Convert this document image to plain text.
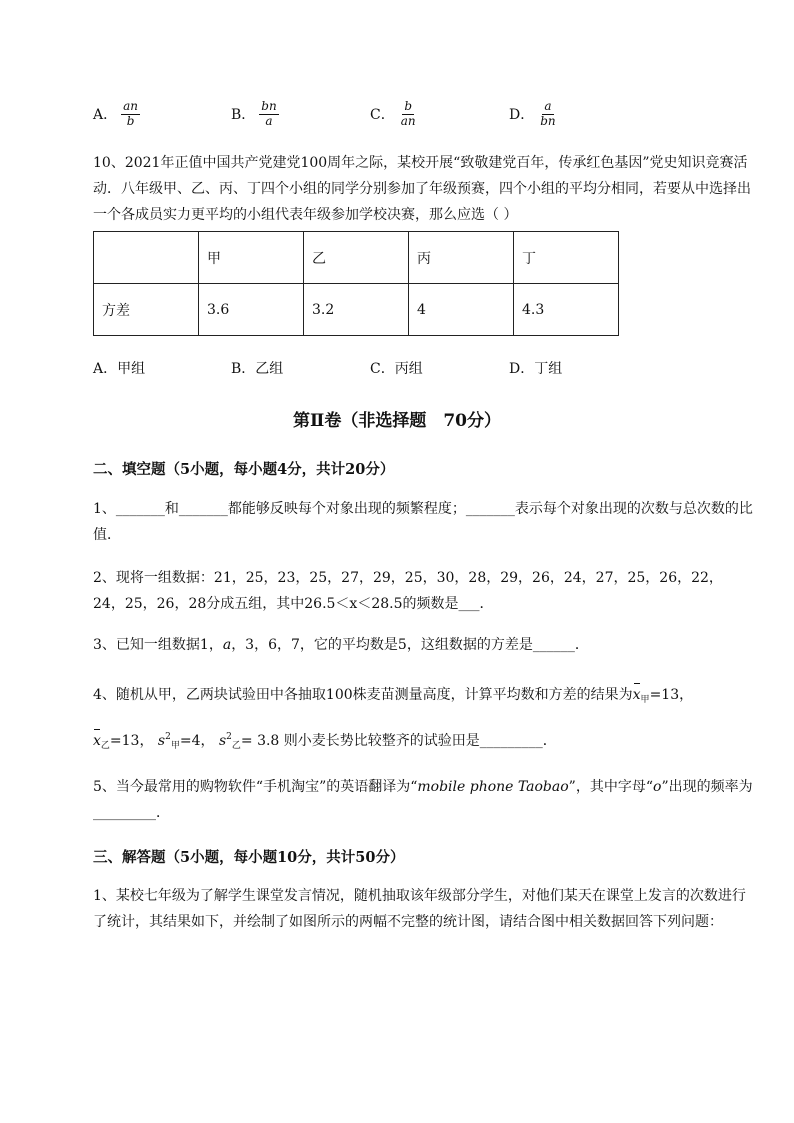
A． $\frac{an}{b}$	B． $\frac{bn}{a}$	C． $\frac{b}{an}$	D． $\frac{a}{bn}$
10、2021年正值中国共产党建党100周年之际，某校开展“致敬建党百年，传承红色基因”党史知识竞赛活动．八年级甲、乙、丙、丁四个小组的同学分别参加了年级预赛，四个小组的平均分相同，若要从中选择出一个各成员实力更平均的小组代表年级参加学校决赛，那么应选（ ）
	甲	乙	丙	丁
方差	3.6	3.2	4	4.3
A．甲组	B．乙组	C．丙组	D．丁组
第Ⅱ卷（非选择题　70分）
二、填空题（5小题，每小题4分，共计20分）
1、_______和_______都能够反映每个对象出现的频繁程度；_______表示每个对象出现的次数与总次数的比值．
2、现将一组数据：21，25，23，25，27，29，25，30，28，29，26，24，27，25，26，22，24，25，26，28分成五组，其中26.5＜x＜28.5的频数是___．
3、已知一组数据1，a，3，6，7，它的平均数是5，这组数据的方差是______．
4、随机从甲，乙两块试验田中各抽取100株麦苗测量高度，计算平均数和方差的结果为$x_甲=13$，
$x_乙=13$， $s^2_甲=4$， $s^2_乙= 3.8$ 则小麦长势比较整齐的试验田是_________．
5、当今最常用的购物软件“手机淘宝”的英语翻译为“mobile phone Taobao”，其中字母“o”出现的频率为_________．
三、解答题（5小题，每小题10分，共计50分）
1、某校七年级为了解学生课堂发言情况，随机抽取该年级部分学生，对他们某天在课堂上发言的次数进行了统计，其结果如下，并绘制了如图所示的两幅不完整的统计图，请结合图中相关数据回答下列问题：
